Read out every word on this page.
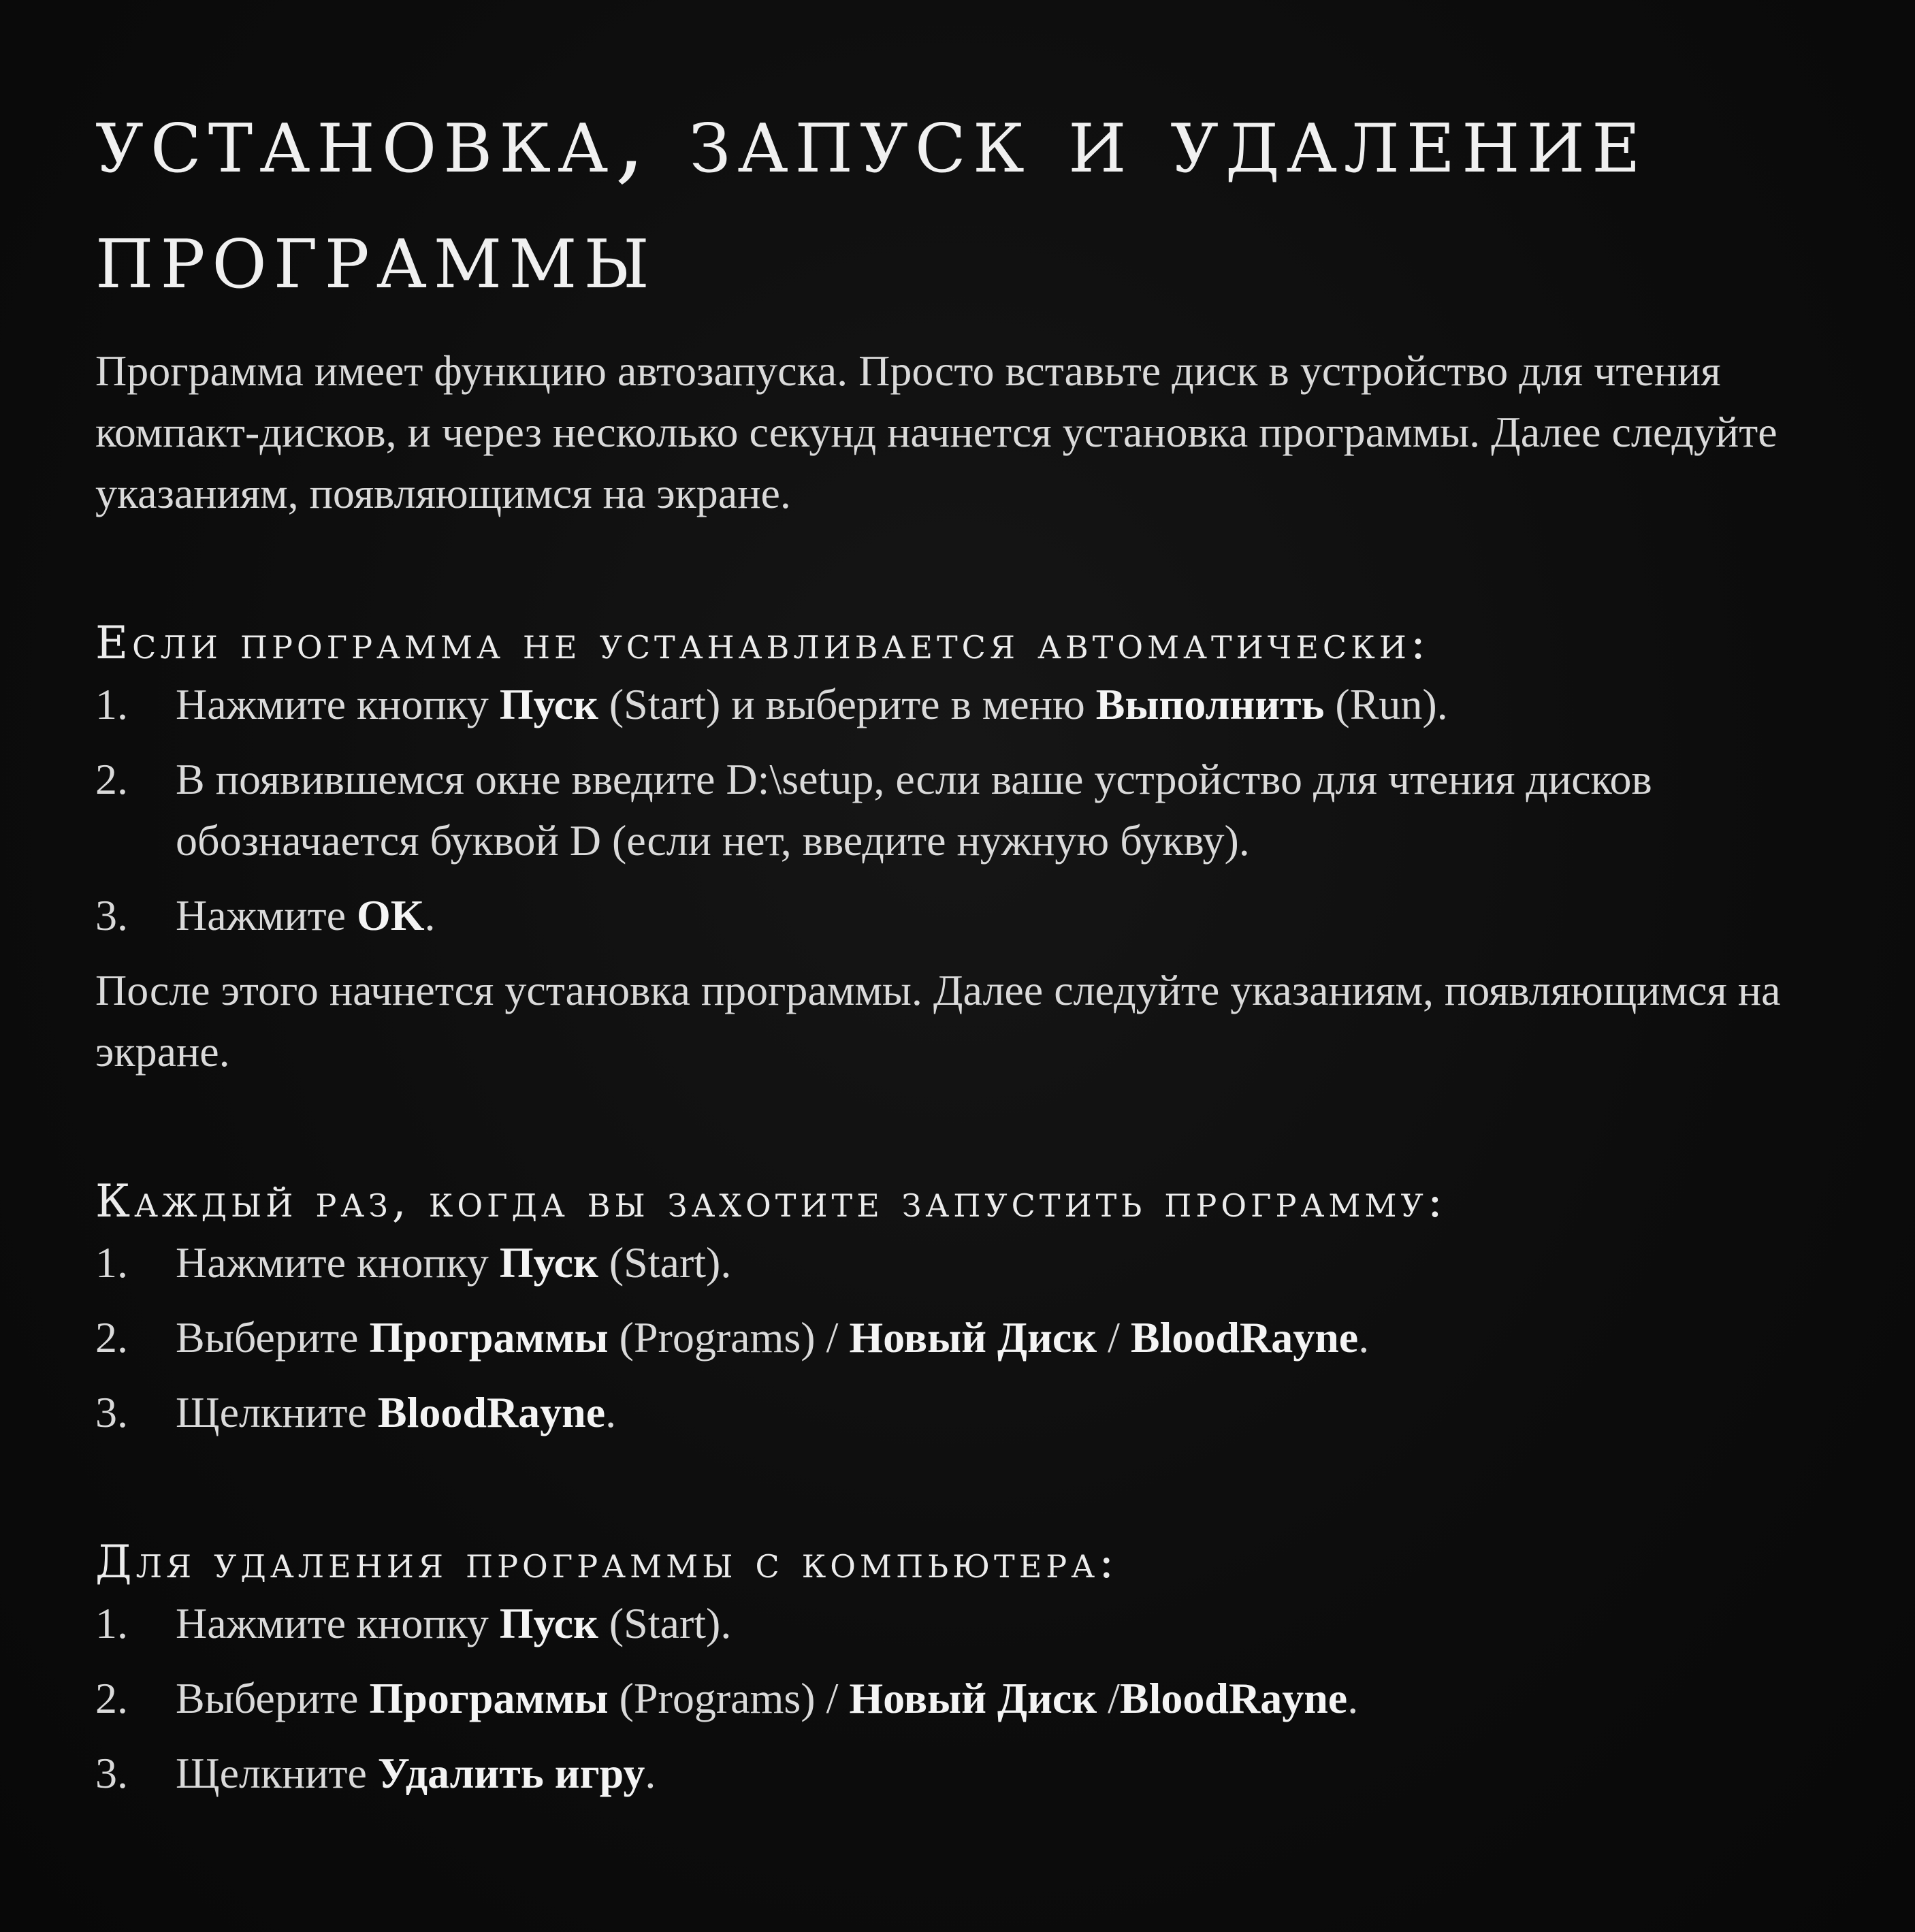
установка, запуск и удаление программы

Программа имеет функцию автозапуска. Просто вставьте диск в устройство для чтения компакт-дисков, и через несколько секунд начнется установка программы. Далее следуйте указаниям, появляющимся на экране.

Если программа не устанавливается автоматически:
1. Нажмите кнопку Пуск (Start) и выберите в меню Выполнить (Run).
2. В появившемся окне введите D:\setup, если ваше устройство для чтения дисков обозначается буквой D (если нет, введите нужную букву).
3. Нажмите OK.

После этого начнется установка программы. Далее следуйте указаниям, появляющимся на экране.

Каждый раз, когда вы захотите запустить программу:
1. Нажмите кнопку Пуск (Start).
2. Выберите Программы (Programs) / Новый Диск / BloodRayne.
3. Щелкните BloodRayne.
Для удаления программы с компьютера:
1. Нажмите кнопку Пуск (Start).
2. Выберите Программы (Programs) / Новый Диск /BloodRayne.
3. Щелкните Удалить игру.
